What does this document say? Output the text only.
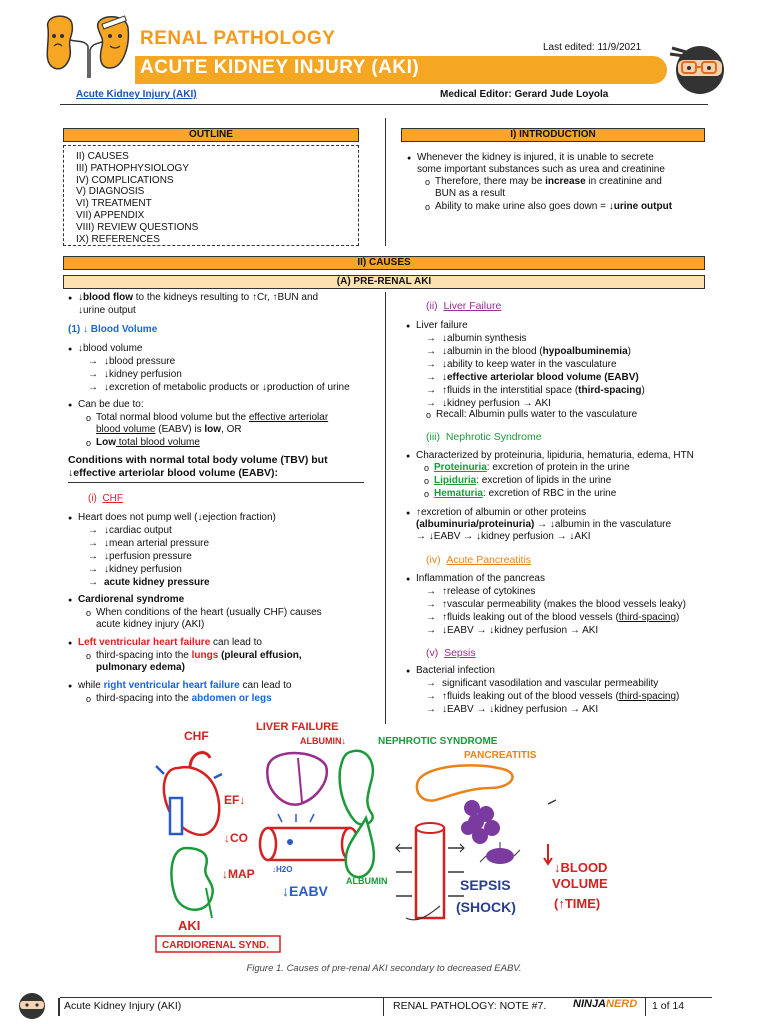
RENAL PATHOLOGY
ACUTE KIDNEY INJURY (AKI)
Last edited: 11/9/2021
Acute Kidney Injury (AKI)	Medical Editor: Gerard Jude Loyola
OUTLINE
II) CAUSES
III) PATHOPHYSIOLOGY
IV) COMPLICATIONS
V) DIAGNOSIS
VI) TREATMENT
VII) APPENDIX
VIII) REVIEW QUESTIONS
IX) REFERENCES
I) INTRODUCTION
● Whenever the kidney is injured, it is unable to secrete
some important substances such as urea and creatinine
o Therefore, there may be increase in creatinine and
BUN as a result
o Ability to make urine also goes down = ↓urine output
II) CAUSES
(A) PRE-RENAL AKI
● ↓blood flow to the kidneys resulting to ↑Cr, ↑BUN and
↓urine output
(1) ↓ Blood Volume
● ↓blood volume
→ ↓blood pressure
→ ↓kidney perfusion
→ ↓excretion of metabolic products or ↓production of urine
● Can be due to:
o Total normal blood volume but the effective arteriolar
blood volume (EABV) is low, OR
o Low total blood volume
Conditions with normal total body volume (TBV) but
↓effective arteriolar blood volume (EABV):
(i) CHF
● Heart does not pump well (↓ejection fraction)
→ ↓cardiac output
→ ↓mean arterial pressure
→ ↓perfusion pressure
→ ↓kidney perfusion
→ acute kidney pressure
● Cardiorenal syndrome
o When conditions of the heart (usually CHF) causes
acute kidney injury (AKI)
● Left ventricular heart failure can lead to
o third-spacing into the lungs (pleural effusion,
pulmonary edema)
● while right ventricular heart failure can lead to
o third-spacing into the abdomen or legs
(ii) Liver Failure
● Liver failure
→ ↓albumin synthesis
→ ↓albumin in the blood (hypoalbuminemia)
→ ↓ability to keep water in the vasculature
→ ↓effective arteriolar blood volume (EABV)
→ ↑fluids in the interstitial space (third-spacing)
→ ↓kidney perfusion → AKI
o Recall: Albumin pulls water to the vasculature
(iii) Nephrotic Syndrome
● Characterized by proteinuria, lipiduria, hematuria, edema, HTN
o Proteinuria: excretion of protein in the urine
o Lipiduria: excretion of lipids in the urine
o Hematuria: excretion of RBC in the urine
● ↑excretion of albumin or other proteins
(albuminuria/proteinuria) → ↓albumin in the vasculature
→ ↓EABV → ↓kidney perfusion → ↓AKI
(iv) Acute Pancreatitis
● Inflammation of the pancreas
→ ↑release of cytokines
→ ↑vascular permeability (makes the blood vessels leaky)
→ ↑fluids leaking out of the blood vessels (third-spacing)
→ ↓EABV → ↓kidney perfusion → AKI
(v) Sepsis
● Bacterial infection
→ significant vasodilation and vascular permeability
→ ↑fluids leaking out of the blood vessels (third-spacing)
→ ↓EABV → ↓kidney perfusion → AKI
CHF
EF↓
↓CO
↓MAP
AKI
CARDIORENAL SYND.
LIVER FAILURE
ALBUMIN↓
↓H2O
↓EABV
NEPHROTIC SYNDROME
ALBUMIN
PANCREATITIS
SEPSIS
(SHOCK)
↓BLOOD
VOLUME
(↑TIME)
Figure 1. Causes of pre-renal AKI secondary to decreased EABV.
Acute Kidney Injury (AKI)	RENAL PATHOLOGY: NOTE #7. NINJANERD 1 of 14
